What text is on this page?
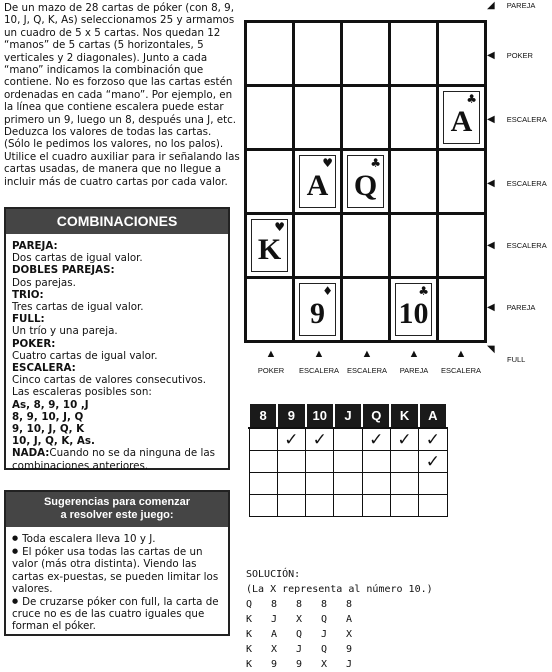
De un mazo de 28 cartas de póker (con 8, 9, 10, J, Q, K, As) seleccionamos 25 y armamos un cuadro de 5 x 5 cartas. Nos quedan 12 “manos” de 5 cartas (5 horizontales, 5 verticales y 2 diagonales). Junto a cada “mano” indicamos la combinación que contiene. No es forzoso que las cartas estén ordenadas en cada “mano”. Por ejemplo, en la línea que contiene escalera puede estar primero un 9, luego un 8, después una J, etc. Deduzca los valores de todas las cartas. (Sólo le pedimos los valores, no los palos). Utilice el cuadro auxiliar para ir señalando las cartas usadas, de manera que no llegue a incluir más de cuatro cartas por cada valor.

COMBINACIONES
PAREJA:
Dos cartas de igual valor.
DOBLES PAREJAS:
Dos parejas.
TRIO:
Tres cartas de igual valor.
FULL:
Un trío y una pareja.
POKER:
Cuatro cartas de igual valor.
ESCALERA:
Cinco cartas de valores consecutivos. Las escaleras posibles son:
As, 8, 9, 10 ,J
8, 9, 10, J, Q
9, 10, J, Q, K
10, J, Q, K, As.
NADA:Cuando no se da ninguna de las combinaciones anteriores.
Sugerencias para comenzar
a resolver este juego:
● Toda escalera lleva 10 y J.
● El póker usa todas las cartas de un valor (más otra distinta). Viendo las cartas ex-puestas, se pueden limitar los valores.
● De cruzarse póker con full, la carta de cruce no es de las cuatro iguales que forman el póker.
◢ PAREJA
◀ POKER
◀ ESCALERA
◀ ESCALERA
◀ ESCALERA
◀ PAREJA
◥
FULL
A
♣
A
♥
Q
♣
K
♥
9
♦
10
♣
▲
POKER
▲
ESCALERA
▲
ESCALERA
▲
PAREJA
▲
ESCALERA
8	9	10	J	Q	K	A
	✓	✓		✓	✓	✓
						✓

SOLUCIÓN:
(La X representa al número 10.)
Q	8	8	8	8
K	J	X	Q	A
K	A	Q	J	X
K	X	J	Q	9
K	9	9	X	J
